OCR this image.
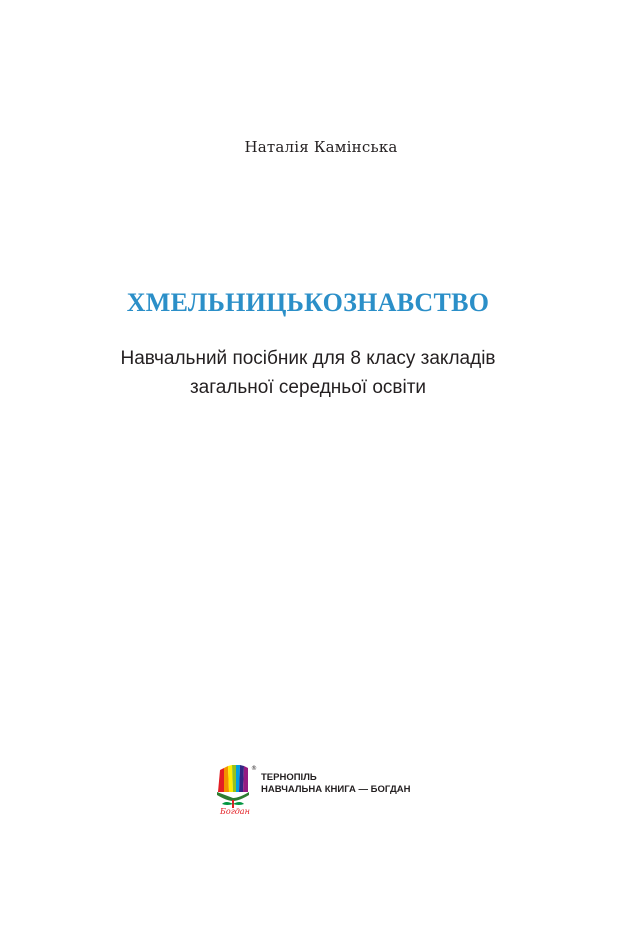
Наталія Камінська
ХМЕЛЬНИЦЬКОЗНАВСТВО
Навчальний посібник для 8 класу закладів
загальної середньої освіти
®
Богдан
ТЕРНОПІЛЬ
НАВЧАЛЬНА КНИГА — БОГДАН
